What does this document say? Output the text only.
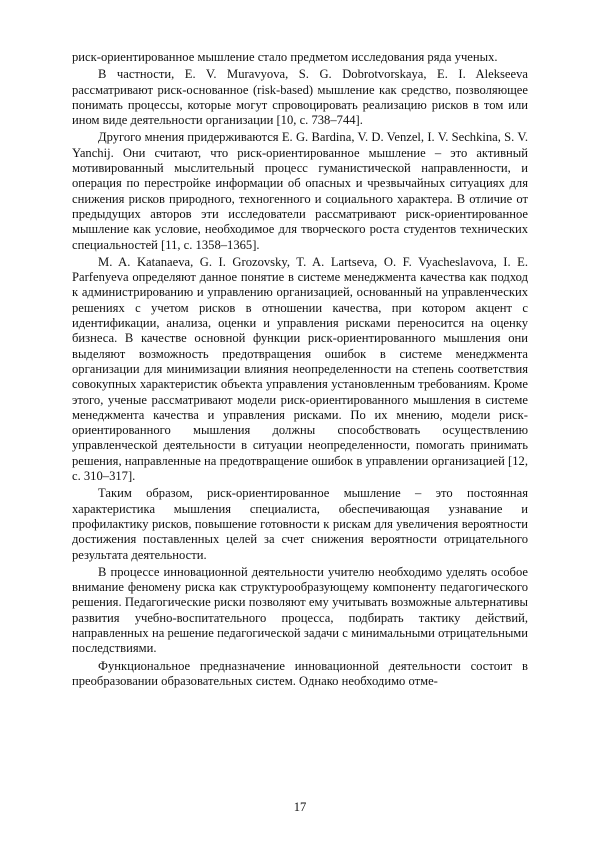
риск-ориентированное мышление стало предметом исследования ряда ученых.

В частности, E. V. Muravyova, S. G. Dobrotvorskaya, E. I. Alekseeva рассматривают риск-основанное (risk-based) мышление как средство, позволяющее понимать процессы, которые могут спровоцировать реализацию рисков в том или ином виде деятельности организации [10, с. 738–744].

Другого мнения придерживаются E. G. Bardina, V. D. Venzel, I. V. Sechkina, S. V. Yanchij. Они считают, что риск-ориентированное мышление – это активный мотивированный мыслительный процесс гуманистической направленности, и операция по перестройке информации об опасных и чрезвычайных ситуациях для снижения рисков природного, техногенного и социального характера. В отличие от предыдущих авторов эти исследователи рассматривают риск-ориентированное мышление как условие, необходимое для творческого роста студентов технических специальностей [11, с. 1358–1365].

M. A. Katanaeva, G. I. Grozovsky, T. A. Lartseva, O. F. Vyacheslavova, I. E. Parfenyeva определяют данное понятие в системе менеджмента качества как подход к администрированию и управлению организацией, основанный на управленческих решениях с учетом рисков в отношении качества, при котором акцент с идентификации, анализа, оценки и управления рисками переносится на оценку бизнеса. В качестве основной функции риск-ориентированного мышления они выделяют возможность предотвращения ошибок в системе менеджмента организации для минимизации влияния неопределенности на степень соответствия совокупных характеристик объекта управления установленным требованиям. Кроме этого, ученые рассматривают модели риск-ориентированного мышления в системе менеджмента качества и управления рисками. По их мнению, модели риск-ориентированного мышления должны способствовать осуществлению управленческой деятельности в ситуации неопределенности, помогать принимать решения, направленные на предотвращение ошибок в управлении организацией [12, с. 310–317].

Таким образом, риск-ориентированное мышление – это постоянная характеристика мышления специалиста, обеспечивающая узнавание и профилактику рисков, повышение готовности к рискам для увеличения вероятности достижения поставленных целей за счет снижения вероятности отрицательного результата деятельности.

В процессе инновационной деятельности учителю необходимо уделять особое внимание феномену риска как структурообразующему компоненту педагогического решения. Педагогические риски позволяют ему учитывать возможные альтернативы развития учебно-воспитательного процесса, подбирать тактику действий, направленных на решение педагогической задачи с минимальными отрицательными последствиями.

Функциональное предназначение инновационной деятельности состоит в преобразовании образовательных систем. Однако необходимо отме-

17
